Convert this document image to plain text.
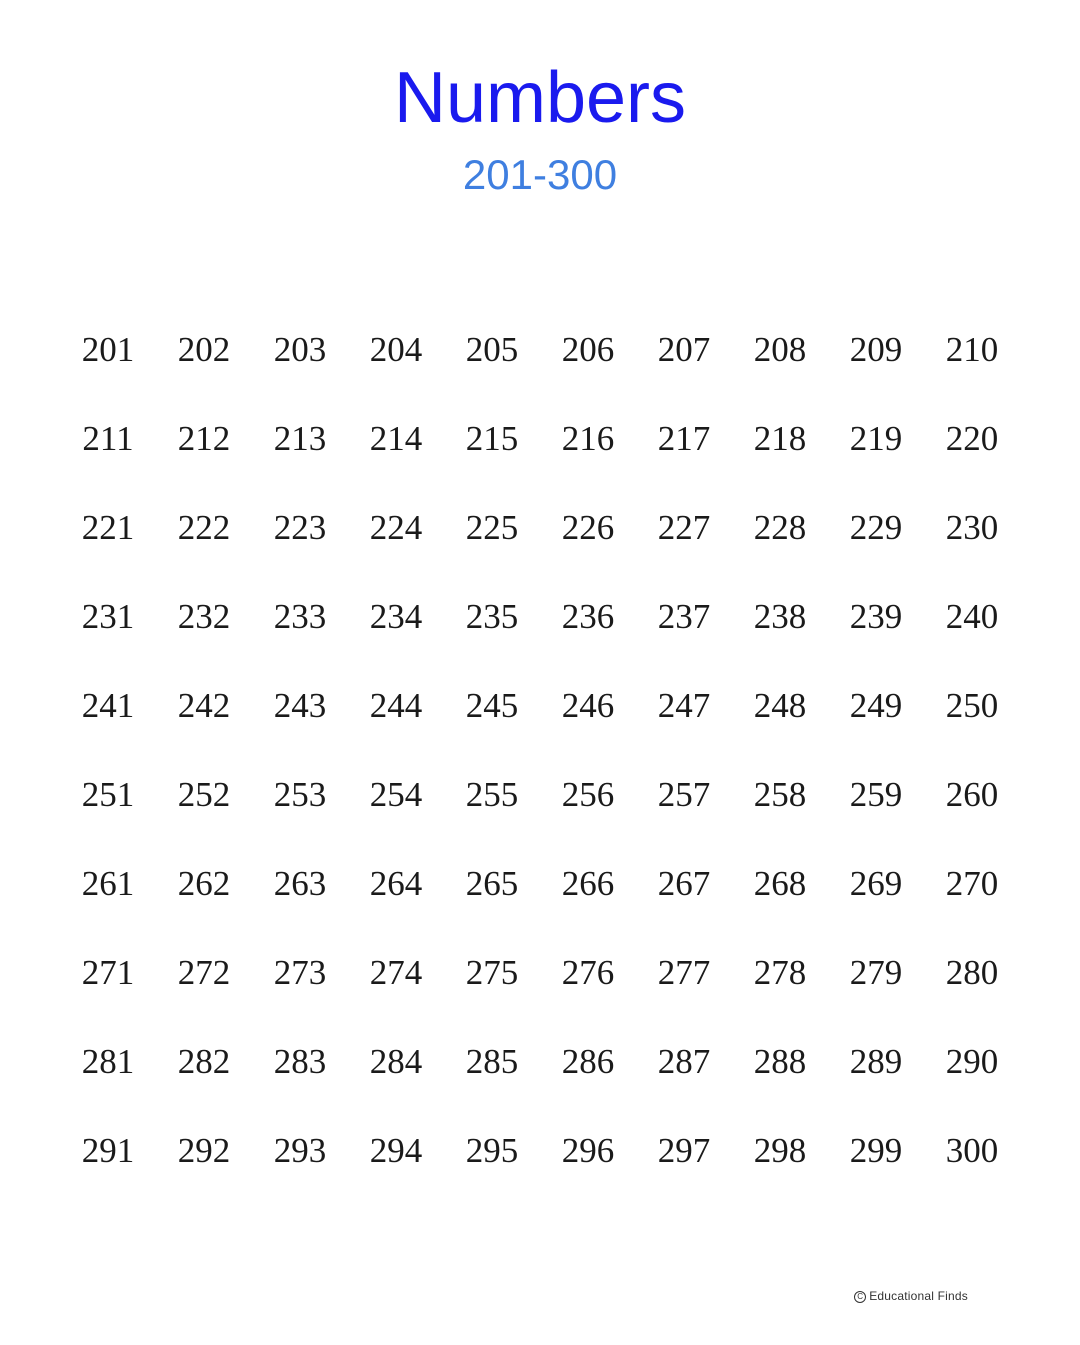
Numbers
201-300
201	202	203	204	205	206	207	208	209	210
211	212	213	214	215	216	217	218	219	220
221	222	223	224	225	226	227	228	229	230
231	232	233	234	235	236	237	238	239	240
241	242	243	244	245	246	247	248	249	250
251	252	253	254	255	256	257	258	259	260
261	262	263	264	265	266	267	268	269	270
271	272	273	274	275	276	277	278	279	280
281	282	283	284	285	286	287	288	289	290
291	292	293	294	295	296	297	298	299	300
C Educational Finds
